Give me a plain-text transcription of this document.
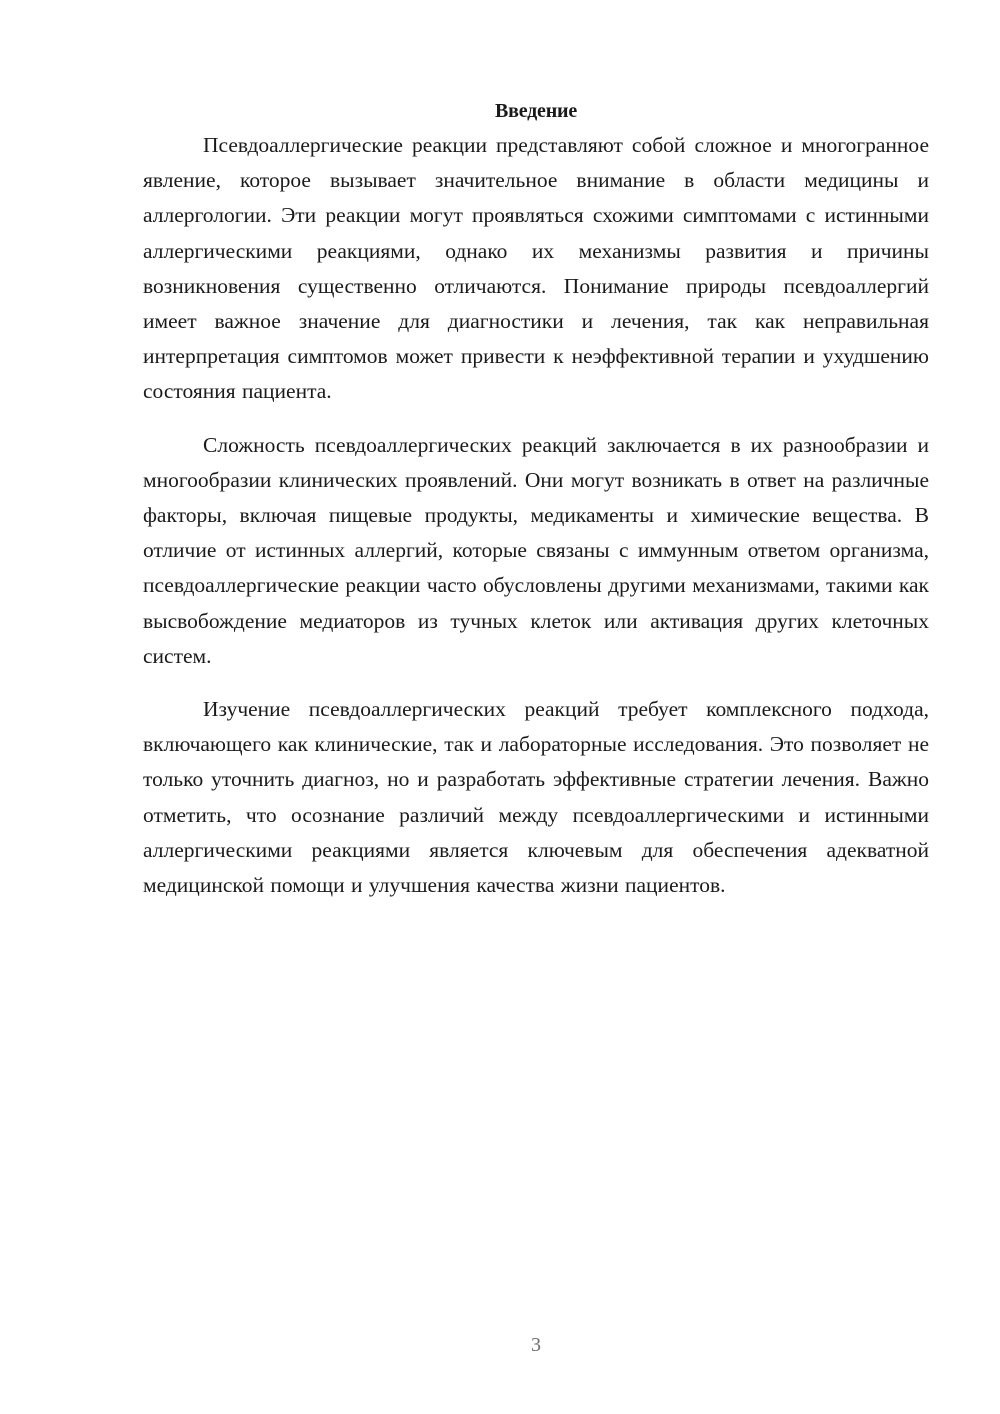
Введение

Псевдоаллергические реакции представляют собой сложное и многогранное явление, которое вызывает значительное внимание в области медицины и аллергологии. Эти реакции могут проявляться схожими симптомами с истинными аллергическими реакциями, однако их механизмы развития и причины возникновения существенно отличаются. Понимание природы псевдоаллергий имеет важное значение для диагностики и лечения, так как неправильная интерпретация симптомов может привести к неэффективной терапии и ухудшению состояния пациента.

Сложность псевдоаллергических реакций заключается в их разнообразии и многообразии клинических проявлений. Они могут возникать в ответ на различные факторы, включая пищевые продукты, медикаменты и химические вещества. В отличие от истинных аллергий, которые связаны с иммунным ответом организма, псевдоаллергические реакции часто обусловлены другими механизмами, такими как высвобождение медиаторов из тучных клеток или активация других клеточных систем.

Изучение псевдоаллергических реакций требует комплексного подхода, включающего как клинические, так и лабораторные исследования. Это позволяет не только уточнить диагноз, но и разработать эффективные стратегии лечения. Важно отметить, что осознание различий между псевдоаллергическими и истинными аллергическими реакциями является ключевым для обеспечения адекватной медицинской помощи и улучшения качества жизни пациентов.

3
